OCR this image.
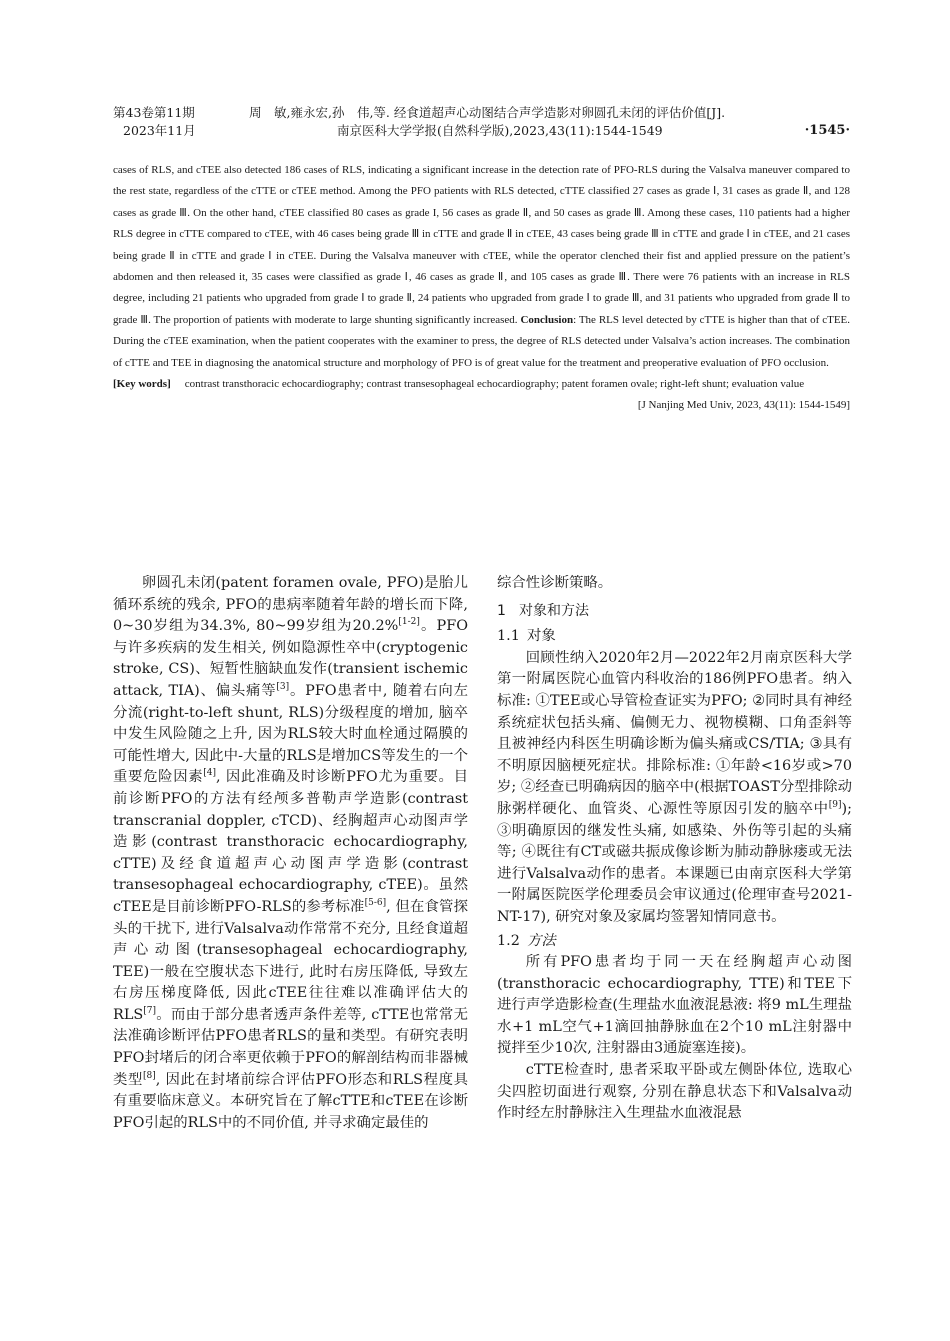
第43卷第11期
2023年11月
周　敏,雍永宏,孙　伟,等. 经食道超声心动图结合声学造影对卵圆孔未闭的评估价值[J].
南京医科大学学报(自然科学版),2023,43(11):1544-1549	·1545·

cases of RLS, and cTEE also detected 186 cases of RLS, indicating a significant increase in the detection rate of PFO-RLS during the Valsalva maneuver compared to the rest state, regardless of the cTTE or cTEE method. Among the PFO patients with RLS detected, cTTE classified 27 cases as grade Ⅰ, 31 cases as grade Ⅱ, and 128 cases as grade Ⅲ. On the other hand, cTEE classified 80 cases as grade I, 56 cases as grade Ⅱ, and 50 cases as grade Ⅲ. Among these cases, 110 patients had a higher RLS degree in cTTE compared to cTEE, with 46 cases being grade Ⅲ in cTTE and grade Ⅱ in cTEE, 43 cases being grade Ⅲ in cTTE and grade Ⅰ in cTEE, and 21 cases being grade Ⅱ in cTTE and grade Ⅰ in cTEE. During the Valsalva maneuver with cTEE, while the operator clenched their fist and applied pressure on the patient’s abdomen and then released it, 35 cases were classified as grade Ⅰ, 46 cases as grade Ⅱ, and 105 cases as grade Ⅲ. There were 76 patients with an increase in RLS degree, including 21 patients who upgraded from grade Ⅰ to grade Ⅱ, 24 patients who upgraded from grade Ⅰ to grade Ⅲ, and 31 patients who upgraded from grade Ⅱ to grade Ⅲ. The proportion of patients with moderate to large shunting significantly increased. Conclusion: The RLS level detected by cTTE is higher than that of cTEE. During the cTEE examination, when the patient cooperates with the examiner to press, the degree of RLS detected under Valsalva’s action increases. The combination of cTTE and TEE in diagnosing the anatomical structure and morphology of PFO is of great value for the treatment and preoperative evaluation of PFO occlusion.

[Key words] contrast transthoracic echocardiography; contrast transesophageal echocardiography; patent foramen ovale; right-left shunt; evaluation value

[J Nanjing Med Univ, 2023, 43(11): 1544-1549]

卵圆孔未闭(patent foramen ovale, PFO)是胎儿循环系统的残余, PFO的患病率随着年龄的增长而下降, 0~30岁组为34.3%, 80~99岁组为20.2%[1-2]。PFO与许多疾病的发生相关, 例如隐源性卒中(cryptogenic stroke, CS)、短暂性脑缺血发作(transient ischemic attack, TIA)、偏头痛等[3]。PFO患者中, 随着右向左分流(right-to-left shunt, RLS)分级程度的增加, 脑卒中发生风险随之上升, 因为RLS较大时血栓通过隔膜的可能性增大, 因此中-大量的RLS是增加CS等发生的一个重要危险因素[4], 因此准确及时诊断PFO尤为重要。目前诊断PFO的方法有经颅多普勒声学造影(contrast transcranial doppler, cTCD)、经胸超声心动图声学造影(contrast transthoracic echocardiography, cTTE)及经食道超声心动图声学造影(contrast transesophageal echocardiography, cTEE)。虽然cTEE是目前诊断PFO-RLS的参考标准[5-6], 但在食管探头的干扰下, 进行Valsalva动作常常不充分, 且经食道超声心动图(transesophageal echocardiography, TEE)一般在空腹状态下进行, 此时右房压降低, 导致左右房压梯度降低, 因此cTEE往往难以准确评估大的RLS[7]。而由于部分患者透声条件差等, cTTE也常常无法准确诊断评估PFO患者RLS的量和类型。有研究表明PFO封堵后的闭合率更依赖于PFO的解剖结构而非器械类型[8], 因此在封堵前综合评估PFO形态和RLS程度具有重要临床意义。本研究旨在了解cTTE和cTEE在诊断PFO引起的RLS中的不同价值, 并寻求确定最佳的

综合性诊断策略。

1 对象和方法

1.1 对象

回顾性纳入2020年2月—2022年2月南京医科大学第一附属医院心血管内科收治的186例PFO患者。纳入标准: ①TEE或心导管检查证实为PFO; ②同时具有神经系统症状包括头痛、偏侧无力、视物模糊、口角歪斜等且被神经内科医生明确诊断为偏头痛或CS/TIA; ③具有不明原因脑梗死症状。排除标准: ①年龄<16岁或>70岁; ②经查已明确病因的脑卒中(根据TOAST分型排除动脉粥样硬化、血管炎、心源性等原因引发的脑卒中[9]); ③明确原因的继发性头痛, 如感染、外伤等引起的头痛等; ④既往有CT或磁共振成像诊断为肺动静脉瘘或无法进行Valsalva动作的患者。本课题已由南京医科大学第一附属医院医学伦理委员会审议通过(伦理审查号2021-NT-17), 研究对象及家属均签署知情同意书。

1.2 方法

所有PFO患者均于同一天在经胸超声心动图(transthoracic echocardiography, TTE)和TEE下进行声学造影检查(生理盐水血液混悬液: 将9 mL生理盐水+1 mL空气+1滴回抽静脉血在2个10 mL注射器中搅拌至少10次, 注射器由3通旋塞连接)。

cTTE检查时, 患者采取平卧或左侧卧体位, 选取心尖四腔切面进行观察, 分别在静息状态下和Valsalva动作时经左肘静脉注入生理盐水血液混悬
